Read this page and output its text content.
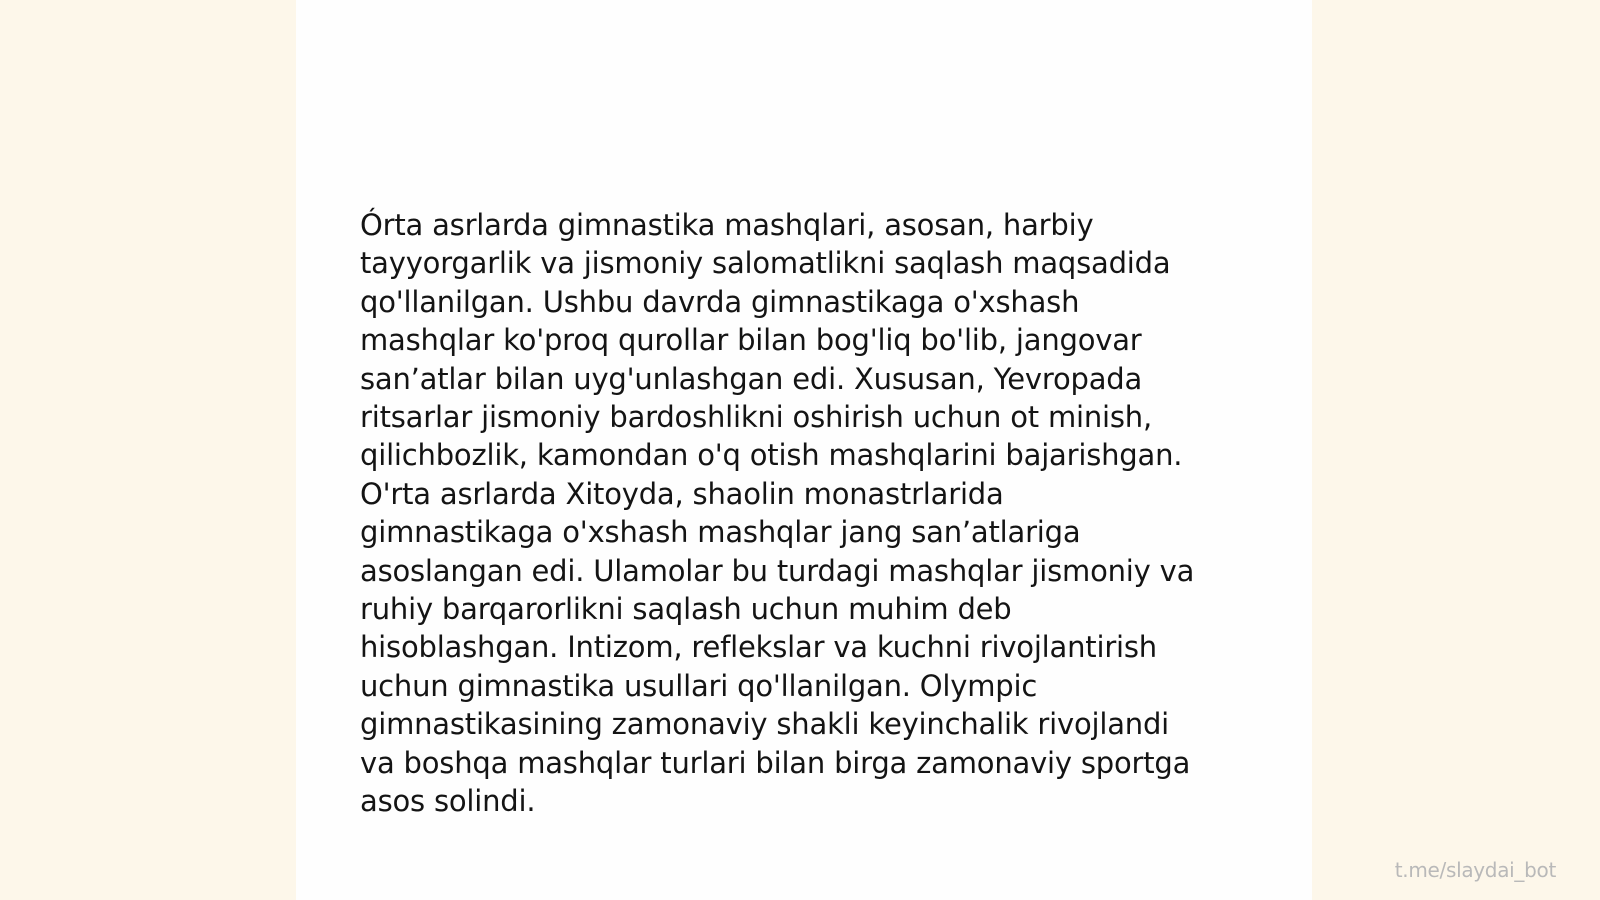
Órta asrlarda gimnastika mashqlari, asosan, harbiy
tayyorgarlik va jismoniy salomatlikni saqlash maqsadida
qo'llanilgan. Ushbu davrda gimnastikaga o'xshash
mashqlar ko'proq qurollar bilan bog'liq bo'lib, jangovar
san’atlar bilan uyg'unlashgan edi. Xususan, Yevropada
ritsarlar jismoniy bardoshlikni oshirish uchun ot minish,
qilichbozlik, kamondan o'q otish mashqlarini bajarishgan.
O'rta asrlarda Xitoyda, shaolin monastrlarida
gimnastikaga o'xshash mashqlar jang san’atlariga
asoslangan edi. Ulamolar bu turdagi mashqlar jismoniy va
ruhiy barqarorlikni saqlash uchun muhim deb
hisoblashgan. Intizom, reflekslar va kuchni rivojlantirish
uchun gimnastika usullari qo'llanilgan. Olympic
gimnastikasining zamonaviy shakli keyinchalik rivojlandi
va boshqa mashqlar turlari bilan birga zamonaviy sportga
asos solindi.

t.me/slaydai_bot
